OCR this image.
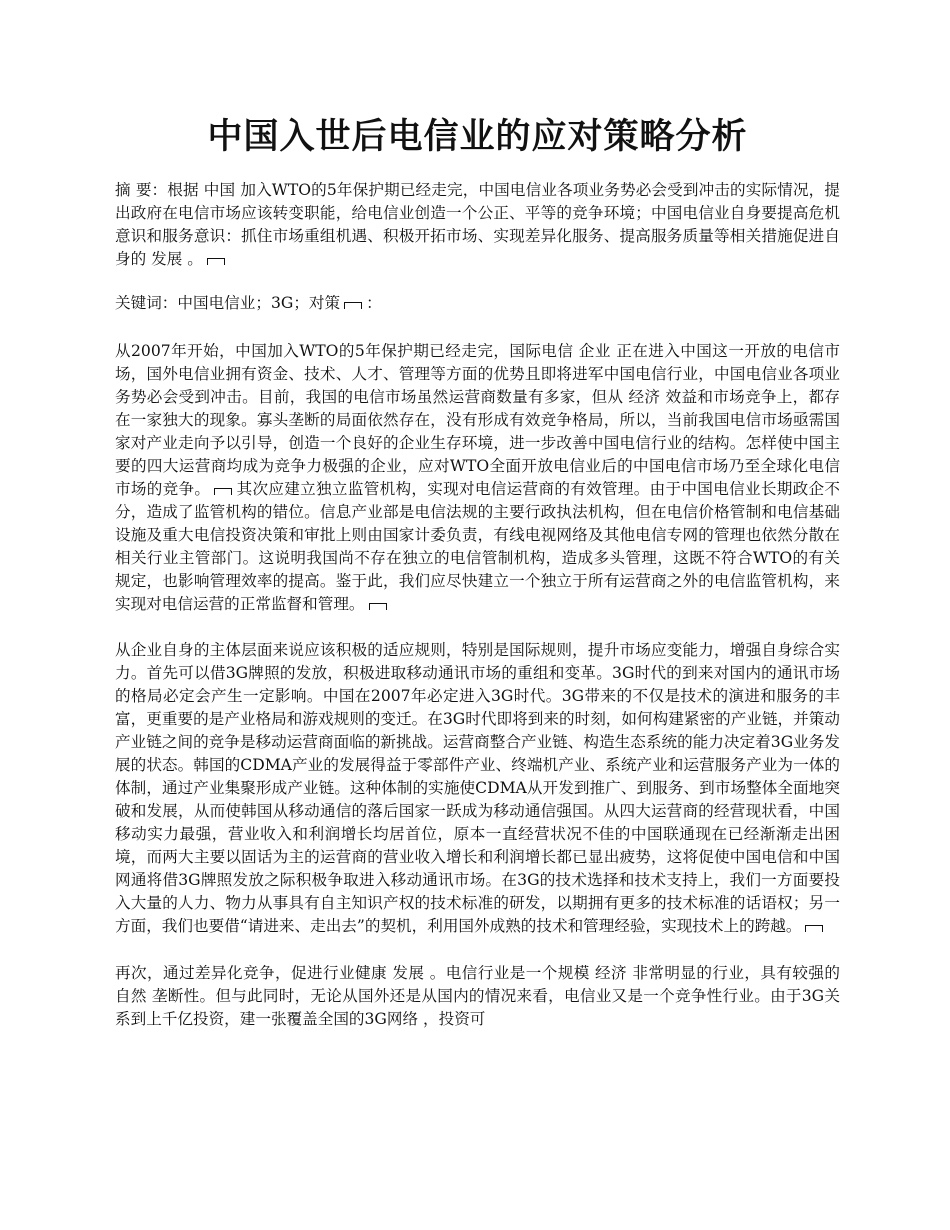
中国入世后电信业的应对策略分析

摘 要：根据 中国 加入WTO的5年保护期已经走完，中国电信业各项业务势必会受到冲击的实际情况，提出政府在电信市场应该转变职能，给电信业创造一个公正、平等的竞争环境；中国电信业自身要提高危机意识和服务意识：抓住市场重组机遇、积极开拓市场、实现差异化服务、提高服务质量等相关措施促进自身的 发展 。

关键词：中国电信业；3G；对策 ：

从2007年开始，中国加入WTO的5年保护期已经走完，国际电信 企业 正在进入中国这一开放的电信市场，国外电信业拥有资金、技术、人才、管理等方面的优势且即将进军中国电信行业，中国电信业各项业务势必会受到冲击。目前，我国的电信市场虽然运营商数量有多家，但从 经济 效益和市场竞争上，都存在一家独大的现象。寡头垄断的局面依然存在，没有形成有效竞争格局，所以，当前我国电信市场亟需国家对产业走向予以引导，创造一个良好的企业生存环境，进一步改善中国电信行业的结构。怎样使中国主要的四大运营商均成为竞争力极强的企业，应对WTO全面开放电信业后的中国电信市场乃至全球化电信市场的竞争。 其次应建立独立监管机构，实现对电信运营商的有效管理。由于中国电信业长期政企不分，造成了监管机构的错位。信息产业部是电信法规的主要行政执法机构，但在电信价格管制和电信基础设施及重大电信投资决策和审批上则由国家计委负责，有线电视网络及其他电信专网的管理也依然分散在相关行业主管部门。这说明我国尚不存在独立的电信管制机构，造成多头管理，这既不符合WTO的有关规定，也影响管理效率的提高。鉴于此，我们应尽快建立一个独立于所有运营商之外的电信监管机构，来实现对电信运营的正常监督和管理。

从企业自身的主体层面来说应该积极的适应规则，特别是国际规则，提升市场应变能力，增强自身综合实力。首先可以借3G牌照的发放，积极进取移动通讯市场的重组和变革。3G时代的到来对国内的通讯市场的格局必定会产生一定影响。中国在2007年必定进入3G时代。3G带来的不仅是技术的演进和服务的丰富，更重要的是产业格局和游戏规则的变迁。在3G时代即将到来的时刻，如何构建紧密的产业链，并策动产业链之间的竞争是移动运营商面临的新挑战。运营商整合产业链、构造生态系统的能力决定着3G业务发展的状态。韩国的CDMA产业的发展得益于零部件产业、终端机产业、系统产业和运营服务产业为一体的体制，通过产业集聚形成产业链。这种体制的实施使CDMA从开发到推广、到服务、到市场整体全面地突破和发展，从而使韩国从移动通信的落后国家一跃成为移动通信强国。从四大运营商的经营现状看，中国移动实力最强，营业收入和利润增长均居首位，原本一直经营状况不佳的中国联通现在已经渐渐走出困境，而两大主要以固话为主的运营商的营业收入增长和利润增长都已显出疲势，这将促使中国电信和中国网通将借3G牌照发放之际积极争取进入移动通讯市场。在3G的技术选择和技术支持上，我们一方面要投入大量的人力、物力从事具有自主知识产权的技术标准的研发，以期拥有更多的技术标准的话语权；另一方面，我们也要借“请进来、走出去”的契机，利用国外成熟的技术和管理经验，实现技术上的跨越。

再次，通过差异化竞争，促进行业健康 发展 。电信行业是一个规模 经济 非常明显的行业，具有较强的 自然 垄断性。但与此同时，无论从国外还是从国内的情况来看，电信业又是一个竞争性行业。由于3G关系到上千亿投资，建一张覆盖全国的3G网络 ，投资可
